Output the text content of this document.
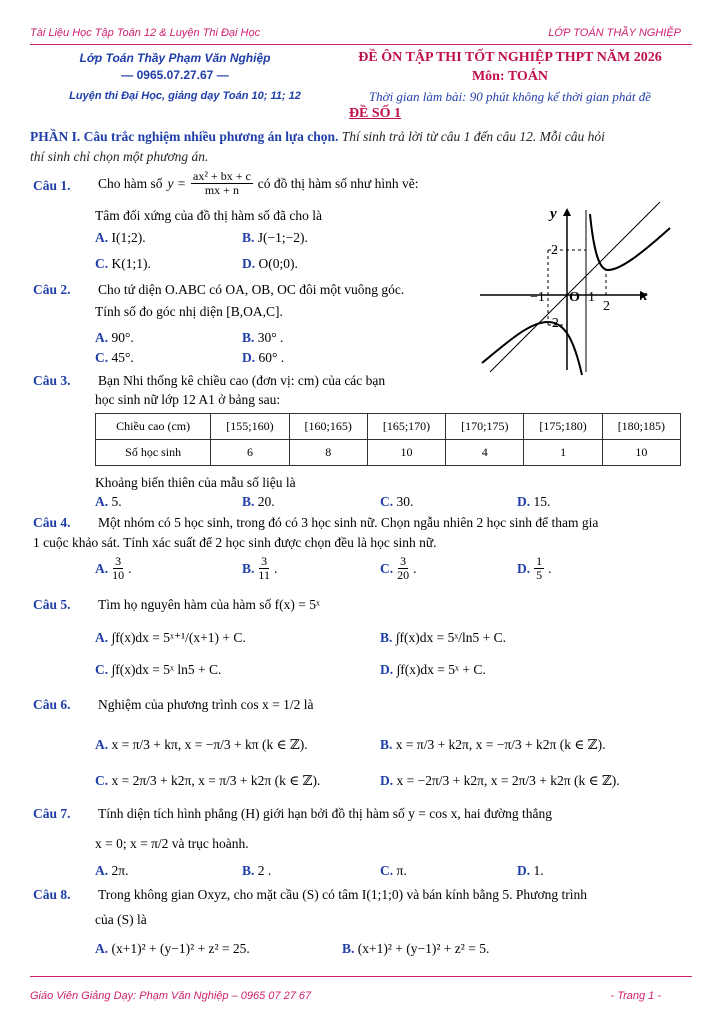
Tài Liệu Học Tập Toán 12 & Luyện Thi Đại Học	LỚP TOÁN THẦY NGHIỆP
Lớp Toán Thầy Phạm Văn Nghiệp
— 0965.07.27.67 —
Luyện thi Đại Học, giảng dạy Toán 10; 11; 12
ĐỀ ÔN TẬP THI TỐT NGHIỆP THPT NĂM 2026
Môn: TOÁN
Thời gian làm bài: 90 phút không kể thời gian phát đề
ĐỀ SỐ 1
PHẦN I. Câu trắc nghiệm nhiều phương án lựa chọn. Thí sinh trả lời từ câu 1 đến câu 12. Mỗi câu hỏi
thí sinh chỉ chọn một phương án.
Câu 1. Cho hàm số $y = \frac{\text{ax² + bx + c}}{mx + n}$ có đồ thị hàm số như hình vẽ:
Tâm đối xứng của đồ thị hàm số đã cho là
A. I(1;2).	B. J(−1;−2).
C. K(1;1).	D. O(0;0).
y
x
O
2
−1	1
2
−2
Câu 2. Cho tứ diện O.ABC có OA, OB, OC đôi một vuông góc.
Tính số đo góc nhị diện [B,OA,C].
A. 90°.	B. 30° .
C. 45°.	D. 60° .
Câu 3. Bạn Nhi thống kê chiều cao (đơn vị: cm) của các bạn
học sinh nữ lớp 12 A1 ở bảng sau:
Chiều cao (cm)	[155;160)	[160;165)	[165;170)	[170;175)	[175;180)	[180;185)
Số học sinh	6	8	10	4	1	10
Khoảng biến thiên của mẫu số liệu là
A. 5.	B. 20.	C. 30.	D. 15.
Câu 4. Một nhóm có 5 học sinh, trong đó có 3 học sinh nữ. Chọn ngẫu nhiên 2 học sinh để tham gia
1 cuộc khảo sát. Tính xác suất để 2 học sinh được chọn đều là học sinh nữ.
A. $\frac{3}{10}$ .	B. $\frac{3}{11}$ .	C. $\frac{3}{20}$ .	D. $\frac{1}{5}$ .
Câu 5. Tìm họ nguyên hàm của hàm số f(x) = 5ˣ
A. ∫f(x)dx = 5ˣ⁺¹/(x+1) + C.	B. ∫f(x)dx = 5ˣ/ln5 + C.
C. ∫f(x)dx = 5ˣ ln5 + C.	D. ∫f(x)dx = 5ˣ + C.
Câu 6. Nghiệm của phương trình cos x = 1/2 là
A. x = π/3 + kπ, x = −π/3 + kπ (k ∈ ℤ).	B. x = π/3 + k2π, x = −π/3 + k2π (k ∈ ℤ).
C. x = 2π/3 + k2π, x = π/3 + k2π (k ∈ ℤ).	D. x = −2π/3 + k2π, x = 2π/3 + k2π (k ∈ ℤ).
Câu 7. Tính diện tích hình phẳng (H) giới hạn bởi đồ thị hàm số y = cos x, hai đường thẳng
x = 0; x = π/2 và trục hoành.
A. 2π.	B. 2 .	C. π.	D. 1.
Câu 8. Trong không gian Oxyz, cho mặt cầu (S) có tâm I(1;1;0) và bán kính bằng 5. Phương trình
của (S) là
A. (x+1)² + (y−1)² + z² = 25.	B. (x+1)² + (y−1)² + z² = 5.
Giáo Viên Giảng Dạy: Phạm Văn Nghiệp – 0965 07 27 67	- Trang 1 -
